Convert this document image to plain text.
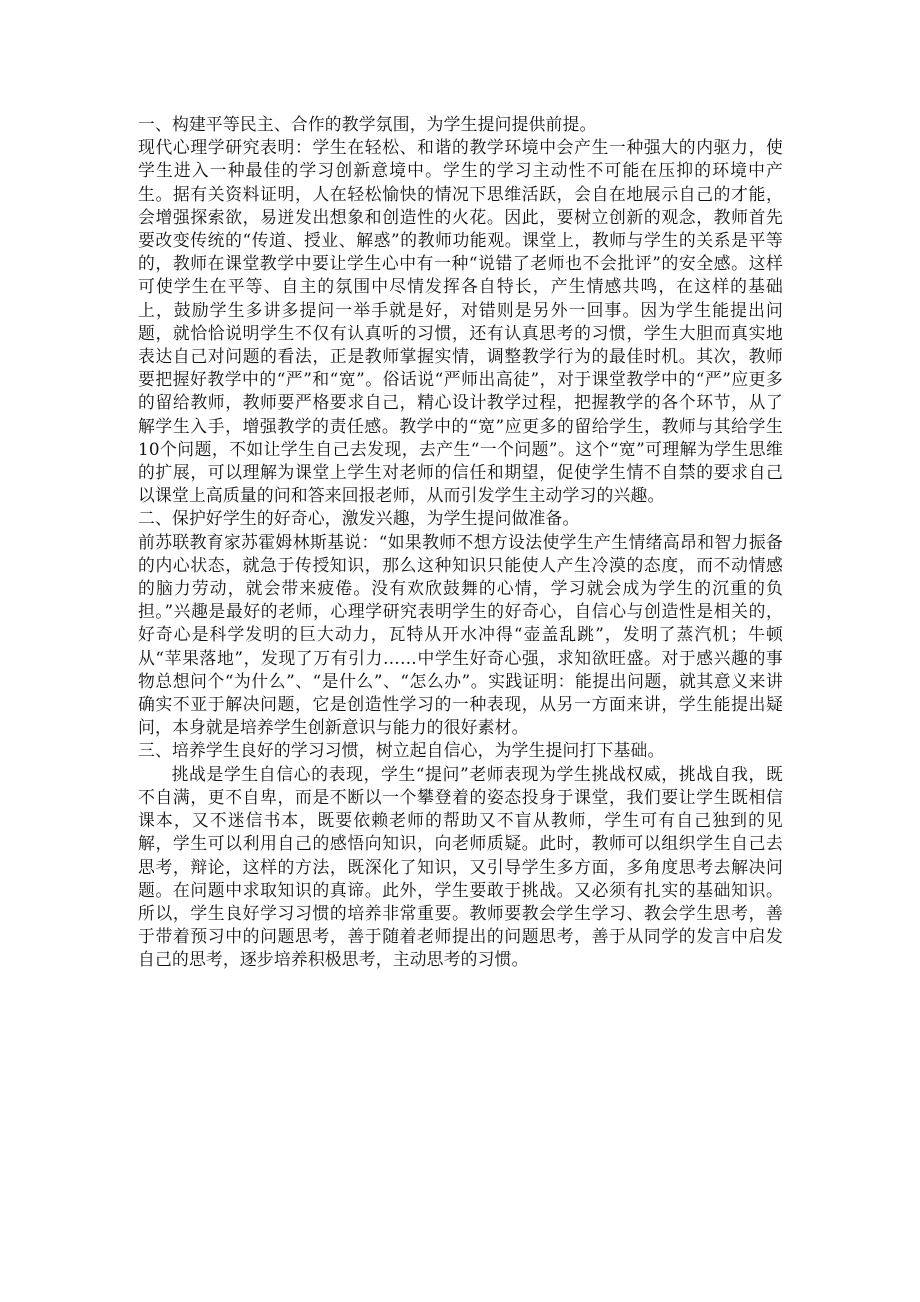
一、构建平等民主、合作的教学氛围，为学生提问提供前提。

现代心理学研究表明：学生在轻松、和谐的教学环境中会产生一种强大的内驱力，使学生进入一种最佳的学习创新意境中。学生的学习主动性不可能在压抑的环境中产生。据有关资料证明，人在轻松愉快的情况下思维活跃，会自在地展示自己的才能，会增强探索欲，易迸发出想象和创造性的火花。因此，要树立创新的观念，教师首先要改变传统的“传道、授业、解惑”的教师功能观。课堂上，教师与学生的关系是平等的，教师在课堂教学中要让学生心中有一种“说错了老师也不会批评”的安全感。这样可使学生在平等、自主的氛围中尽情发挥各自特长，产生情感共鸣，在这样的基础上，鼓励学生多讲多提问一举手就是好，对错则是另外一回事。因为学生能提出问题，就恰恰说明学生不仅有认真听的习惯，还有认真思考的习惯，学生大胆而真实地表达自己对问题的看法，正是教师掌握实情，调整教学行为的最佳时机。其次，教师要把握好教学中的“严”和“宽”。俗话说“严师出高徒”，对于课堂教学中的“严”应更多的留给教师，教师要严格要求自己，精心设计教学过程，把握教学的各个环节，从了解学生入手，增强教学的责任感。教学中的“宽”应更多的留给学生，教师与其给学生10个问题，不如让学生自己去发现，去产生“一个问题”。这个“宽”可理解为学生思维的扩展，可以理解为课堂上学生对老师的信任和期望，促使学生情不自禁的要求自己以课堂上高质量的问和答来回报老师，从而引发学生主动学习的兴趣。

二、保护好学生的好奇心，激发兴趣，为学生提问做准备。

前苏联教育家苏霍姆林斯基说：“如果教师不想方设法使学生产生情绪高昂和智力振备的内心状态，就急于传授知识，那么这种知识只能使人产生冷漠的态度，而不动情感的脑力劳动，就会带来疲倦。没有欢欣鼓舞的心情，学习就会成为学生的沉重的负担。”兴趣是最好的老师，心理学研究表明学生的好奇心，自信心与创造性是相关的，好奇心是科学发明的巨大动力，瓦特从开水冲得“壶盖乱跳”，发明了蒸汽机；牛顿从“苹果落地”，发现了万有引力……中学生好奇心强，求知欲旺盛。对于感兴趣的事物总想问个“为什么”、“是什么”、“怎么办”。实践证明：能提出问题，就其意义来讲确实不亚于解决问题，它是创造性学习的一种表现，从另一方面来讲，学生能提出疑问，本身就是培养学生创新意识与能力的很好素材。

三、培养学生良好的学习习惯，树立起自信心，为学生提问打下基础。

挑战是学生自信心的表现，学生“提问”老师表现为学生挑战权威，挑战自我，既不自满，更不自卑，而是不断以一个攀登着的姿态投身于课堂，我们要让学生既相信课本，又不迷信书本，既要依赖老师的帮助又不盲从教师，学生可有自己独到的见解，学生可以利用自己的感悟向知识，向老师质疑。此时，教师可以组织学生自己去思考，辩论，这样的方法，既深化了知识，又引导学生多方面，多角度思考去解决问题。在问题中求取知识的真谛。此外，学生要敢于挑战。又必须有扎实的基础知识。所以，学生良好学习习惯的培养非常重要。教师要教会学生学习、教会学生思考，善于带着预习中的问题思考，善于随着老师提出的问题思考，善于从同学的发言中启发自己的思考，逐步培养积极思考，主动思考的习惯。
